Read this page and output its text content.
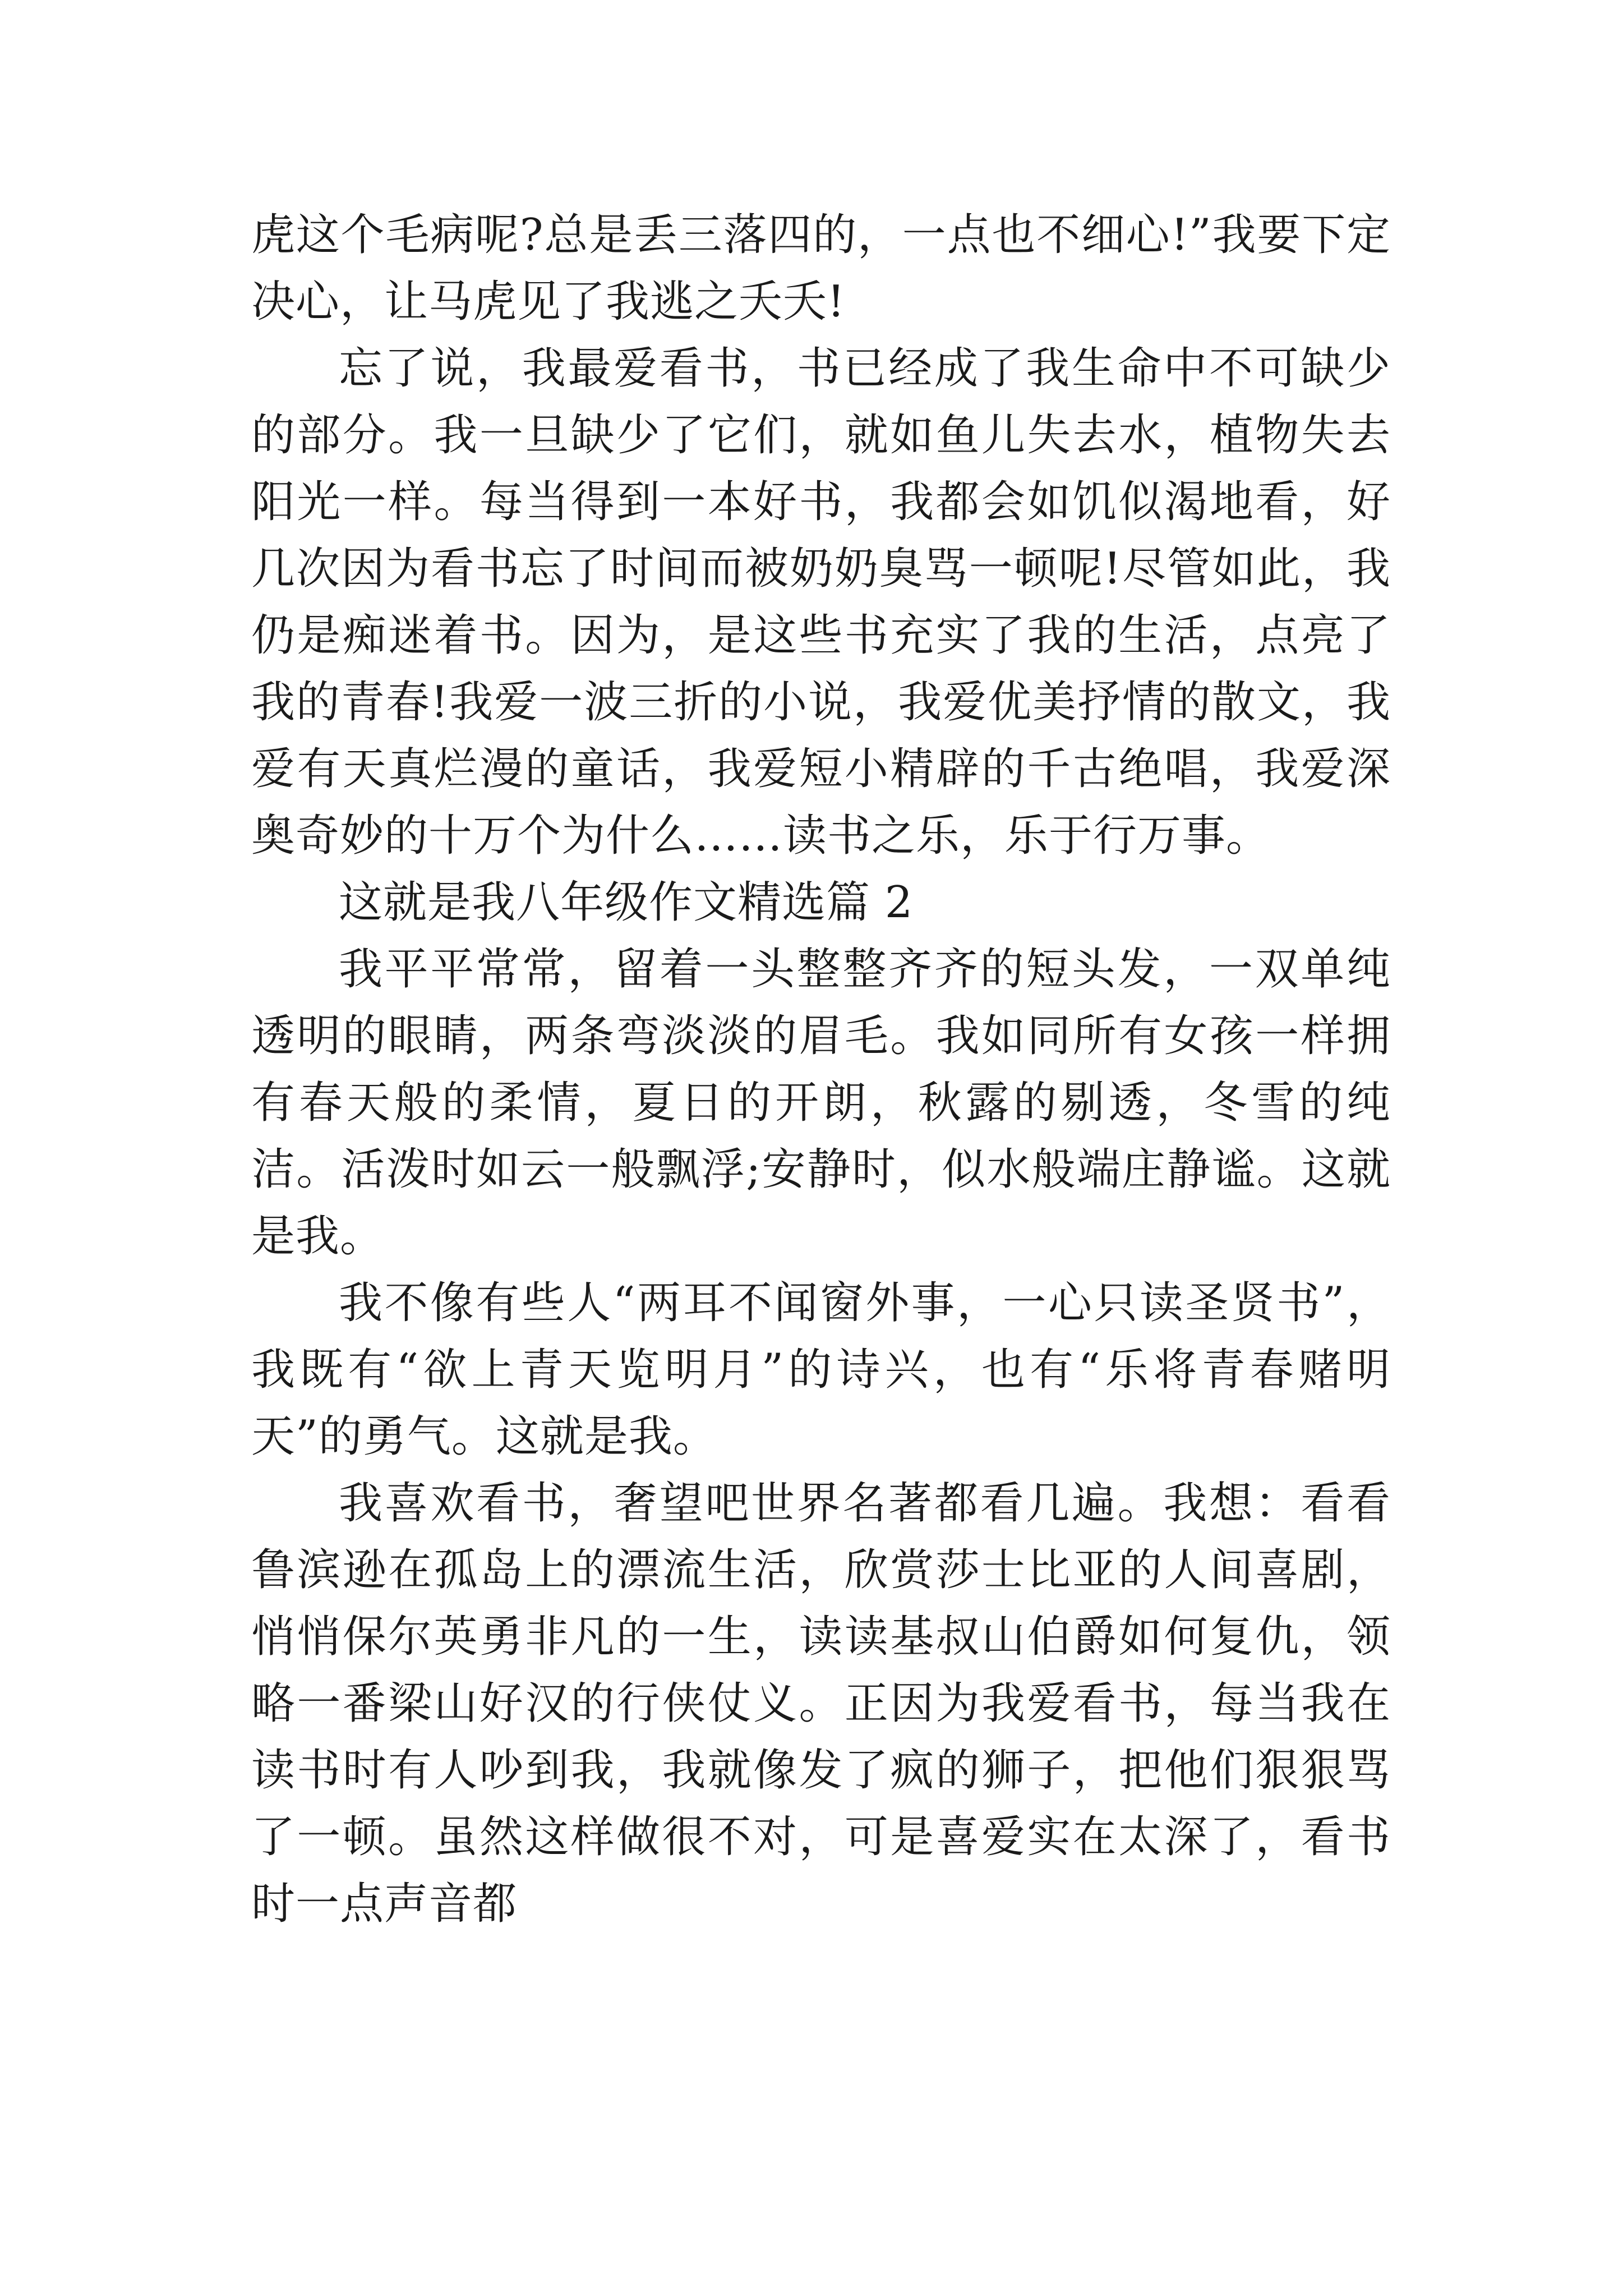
虎这个毛病呢?总是丢三落四的，一点也不细心!”我要下定决心，让马虎见了我逃之夭夭!

忘了说，我最爱看书，书已经成了我生命中不可缺少的部分。我一旦缺少了它们，就如鱼儿失去水，植物失去阳光一样。每当得到一本好书，我都会如饥似渴地看，好几次因为看书忘了时间而被奶奶臭骂一顿呢!尽管如此，我仍是痴迷着书。因为，是这些书充实了我的生活，点亮了我的青春!我爱一波三折的小说，我爱优美抒情的散文，我爱有天真烂漫的童话，我爱短小精辟的千古绝唱，我爱深奥奇妙的十万个为什么……读书之乐，乐于行万事。

这就是我八年级作文精选篇 2

我平平常常，留着一头整整齐齐的短头发，一双单纯透明的眼睛，两条弯淡淡的眉毛。我如同所有女孩一样拥有春天般的柔情，夏日的开朗，秋露的剔透，冬雪的纯洁。活泼时如云一般飘浮;安静时，似水般端庄静谧。这就是我。

我不像有些人“两耳不闻窗外事，一心只读圣贤书”，我既有“欲上青天览明月”的诗兴，也有“乐将青春赌明天”的勇气。这就是我。

我喜欢看书，奢望吧世界名著都看几遍。我想：看看鲁滨逊在孤岛上的漂流生活，欣赏莎士比亚的人间喜剧，悄悄保尔英勇非凡的一生，读读基叔山伯爵如何复仇，领略一番梁山好汉的行侠仗义。正因为我爱看书，每当我在读书时有人吵到我，我就像发了疯的狮子，把他们狠狠骂了一顿。虽然这样做很不对，可是喜爱实在太深了，看书时一点声音都
